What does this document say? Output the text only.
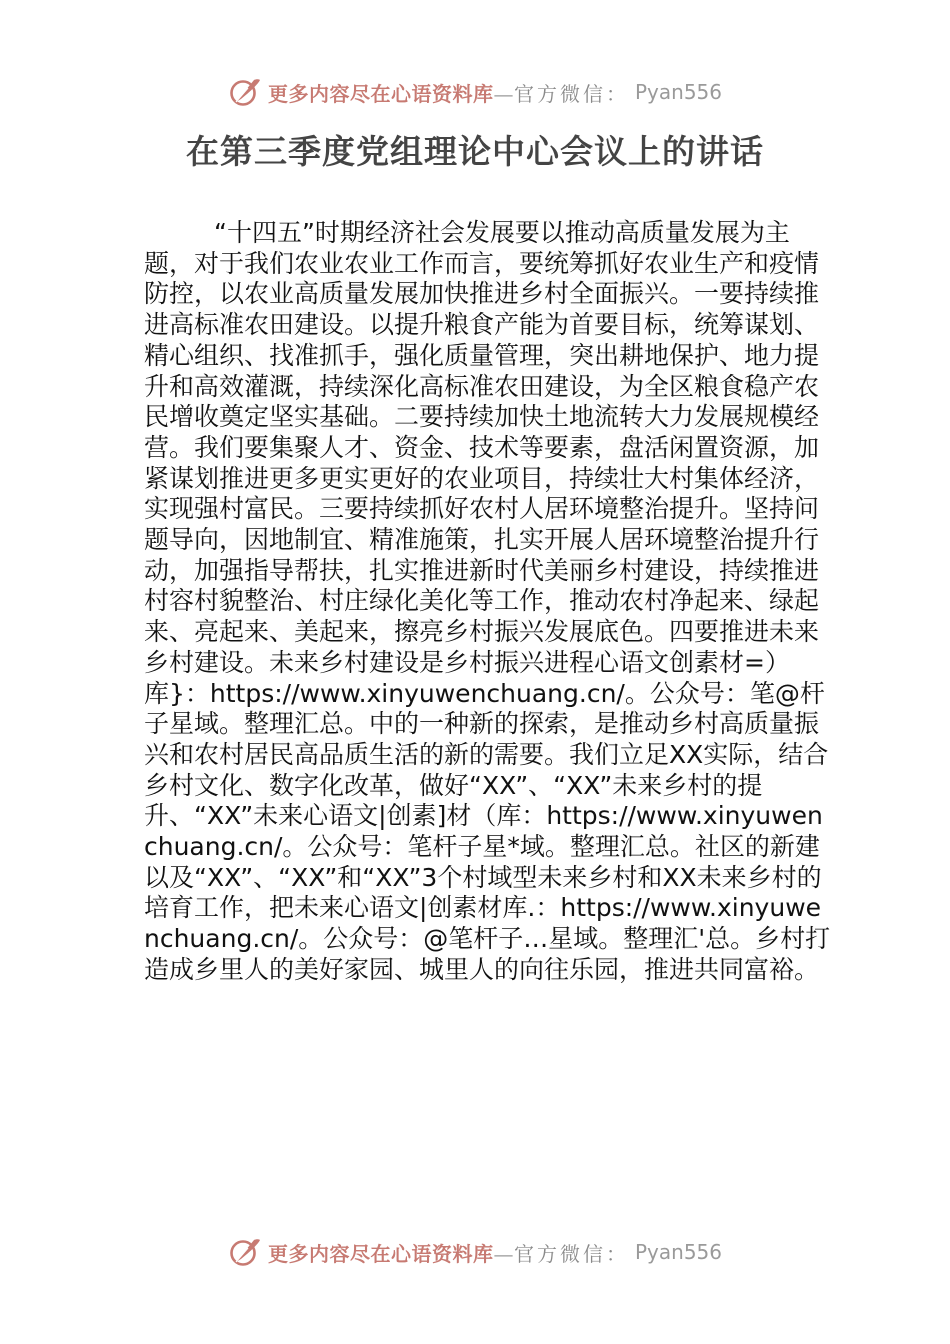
更多内容尽在心语资料库—官方微信： Pyan556
在第三季度党组理论中心会议上的讲话

“十四五”时期经济社会发展要以推动高质量发展为主题，对于我们农业农业工作而言，要统筹抓好农业生产和疫情防控，以农业高质量发展加快推进乡村全面振兴。一要持续推进高标准农田建设。以提升粮食产能为首要目标，统筹谋划、精心组织、找准抓手，强化质量管理，突出耕地保护、地力提升和高效灌溉，持续深化高标准农田建设，为全区粮食稳产农民增收奠定坚实基础。二要持续加快土地流转大力发展规模经营。我们要集聚人才、资金、技术等要素，盘活闲置资源，加紧谋划推进更多更实更好的农业项目，持续壮大村集体经济，实现强村富民。三要持续抓好农村人居环境整治提升。坚持问题导向，因地制宜、精准施策，扎实开展人居环境整治提升行动，加强指导帮扶，扎实推进新时代美丽乡村建设，持续推进村容村貌整治、村庄绿化美化等工作，推动农村净起来、绿起来、亮起来、美起来，擦亮乡村振兴发展底色。四要推进未来乡村建设。未来乡村建设是乡村振兴进程心语文创素材=）库}：https://www.xinyuwenchuang.cn/。公众号：笔@杆子星域。整理汇总。中的一种新的探索，是推动乡村高质量振兴和农村居民高品质生活的新的需要。我们立足XX实际，结合乡村文化、数字化改革，做好“XX”、“XX”未来乡村的提升、“XX”未来心语文|创素]材（库：https://www.xinyuwenchuang.cn/。公众号：笔杆子星*域。整理汇总。社区的新建以及“XX”、“XX”和“XX”3个村域型未来乡村和XX未来乡村的培育工作，把未来心语文|创素材库.：https://www.xinyuwenchuang.cn/。公众号：@笔杆子…星域。整理汇'总。乡村打造成乡里人的美好家园、城里人的向往乐园，推进共同富裕。

更多内容尽在心语资料库—官方微信： Pyan556
